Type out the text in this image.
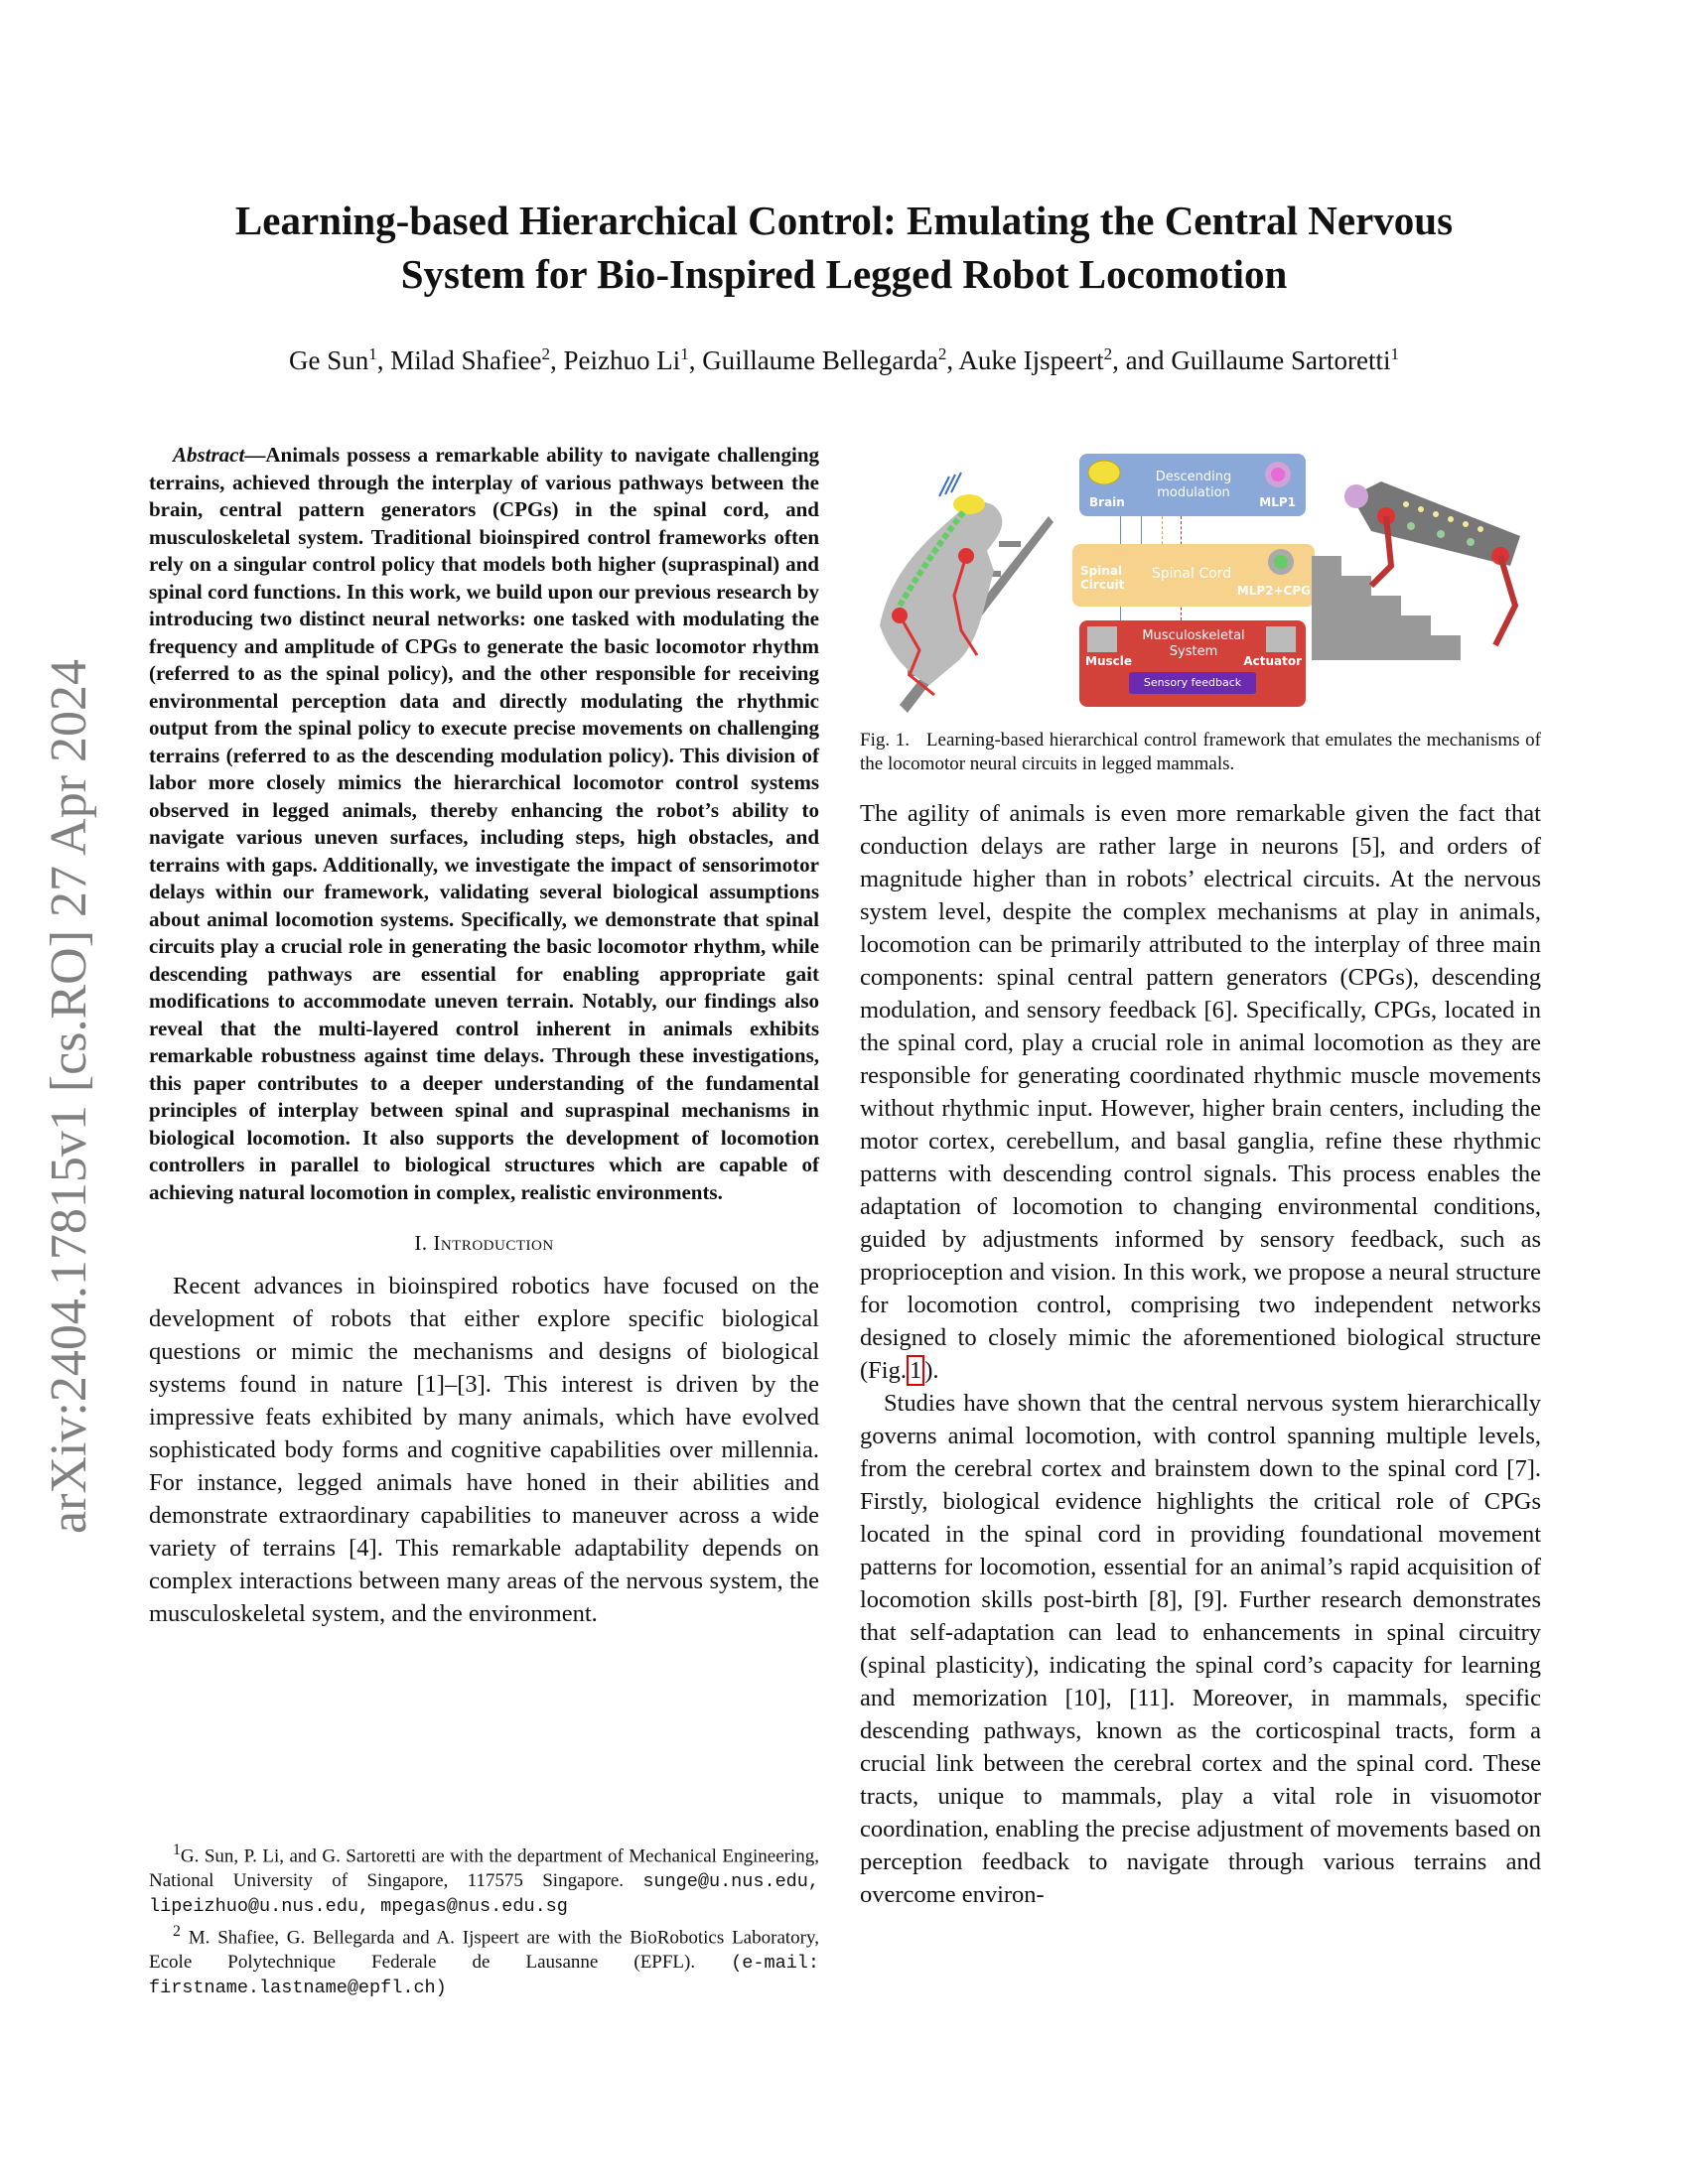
arXiv:2404.17815v1 [cs.RO] 27 Apr 2024
Learning-based Hierarchical Control: Emulating the Central Nervous
System for Bio-Inspired Legged Robot Locomotion
Ge Sun$^1$, Milad Shafiee$^2$, Peizhuo Li$^1$, Guillaume Bellegarda$^2$, Auke Ijspeert$^2$, and Guillaume Sartoretti$^1$

Abstract—Animals possess a remarkable ability to navigate challenging terrains, achieved through the interplay of various pathways between the brain, central pattern generators (CPGs) in the spinal cord, and musculoskeletal system. Traditional bioinspired control frameworks often rely on a singular control policy that models both higher (supraspinal) and spinal cord functions. In this work, we build upon our previous research by introducing two distinct neural networks: one tasked with modulating the frequency and amplitude of CPGs to generate the basic locomotor rhythm (referred to as the spinal policy), and the other responsible for receiving environmental perception data and directly modulating the rhythmic output from the spinal policy to execute precise movements on challenging terrains (referred to as the descending modulation policy). This division of labor more closely mimics the hierarchical locomotor control systems observed in legged animals, thereby enhancing the robot’s ability to navigate various uneven surfaces, including steps, high obstacles, and terrains with gaps. Additionally, we investigate the impact of sensorimotor delays within our framework, validating several biological assumptions about animal locomotion systems. Specifically, we demonstrate that spinal circuits play a crucial role in generating the basic locomotor rhythm, while descending pathways are essential for enabling appropriate gait modifications to accommodate uneven terrain. Notably, our findings also reveal that the multi-layered control inherent in animals exhibits remarkable robustness against time delays. Through these investigations, this paper contributes to a deeper understanding of the fundamental principles of interplay between spinal and supraspinal mechanisms in biological locomotion. It also supports the development of locomotion controllers in parallel to biological structures which are capable of achieving natural locomotion in complex, realistic environments.

I. Introduction

Recent advances in bioinspired robotics have focused on the development of robots that either explore specific biological questions or mimic the mechanisms and designs of biological systems found in nature [1]–[3]. This interest is driven by the impressive feats exhibited by many animals, which have evolved sophisticated body forms and cognitive capabilities over millennia. For instance, legged animals have honed in their abilities and demonstrate extraordinary capabilities to maneuver across a wide variety of terrains [4]. This remarkable adaptability depends on complex interactions between many areas of the nervous system, the musculoskeletal system, and the environment.

$^1$G. Sun, P. Li, and G. Sartoretti are with the department of Mechanical Engineering, National University of Singapore, 117575 Singapore. sunge@u.nus.edu, lipeizhuo@u.nus.edu, mpegas@nus.edu.sg

$^2$ M. Shafiee, G. Bellegarda and A. Ijspeert are with the BioRobotics Laboratory, Ecole Polytechnique Federale de Lausanne (EPFL). (e-mail: firstname.lastname@epfl.ch)

Brain
Descending
modulation
MLP1
Spinal
Circuit
Spinal Cord
MLP2+CPG
Muscle
Musculoskeletal
System
Actuator
Sensory feedback
Fig. 1. Learning-based hierarchical control framework that emulates the mechanisms of the locomotor neural circuits in legged mammals.

The agility of animals is even more remarkable given the fact that conduction delays are rather large in neurons [5], and orders of magnitude higher than in robots’ electrical circuits. At the nervous system level, despite the complex mechanisms at play in animals, locomotion can be primarily attributed to the interplay of three main components: spinal central pattern generators (CPGs), descending modulation, and sensory feedback [6]. Specifically, CPGs, located in the spinal cord, play a crucial role in animal locomotion as they are responsible for generating coordinated rhythmic muscle movements without rhythmic input. However, higher brain centers, including the motor cortex, cerebellum, and basal ganglia, refine these rhythmic patterns with descending control signals. This process enables the adaptation of locomotion to changing environmental conditions, guided by adjustments informed by sensory feedback, such as proprioception and vision. In this work, we propose a neural structure for locomotion control, comprising two independent networks designed to closely mimic the aforementioned biological structure (Fig. 1 ).

Studies have shown that the central nervous system hierarchically governs animal locomotion, with control spanning multiple levels, from the cerebral cortex and brainstem down to the spinal cord [7]. Firstly, biological evidence highlights the critical role of CPGs located in the spinal cord in providing foundational movement patterns for locomotion, essential for an animal’s rapid acquisition of locomotion skills post-birth [8], [9]. Further research demonstrates that self-adaptation can lead to enhancements in spinal circuitry (spinal plasticity), indicating the spinal cord’s capacity for learning and memorization [10], [11]. Moreover, in mammals, specific descending pathways, known as the corticospinal tracts, form a crucial link between the cerebral cortex and the spinal cord. These tracts, unique to mammals, play a vital role in visuomotor coordination, enabling the precise adjustment of movements based on perception feedback to navigate through various terrains and overcome environ-
